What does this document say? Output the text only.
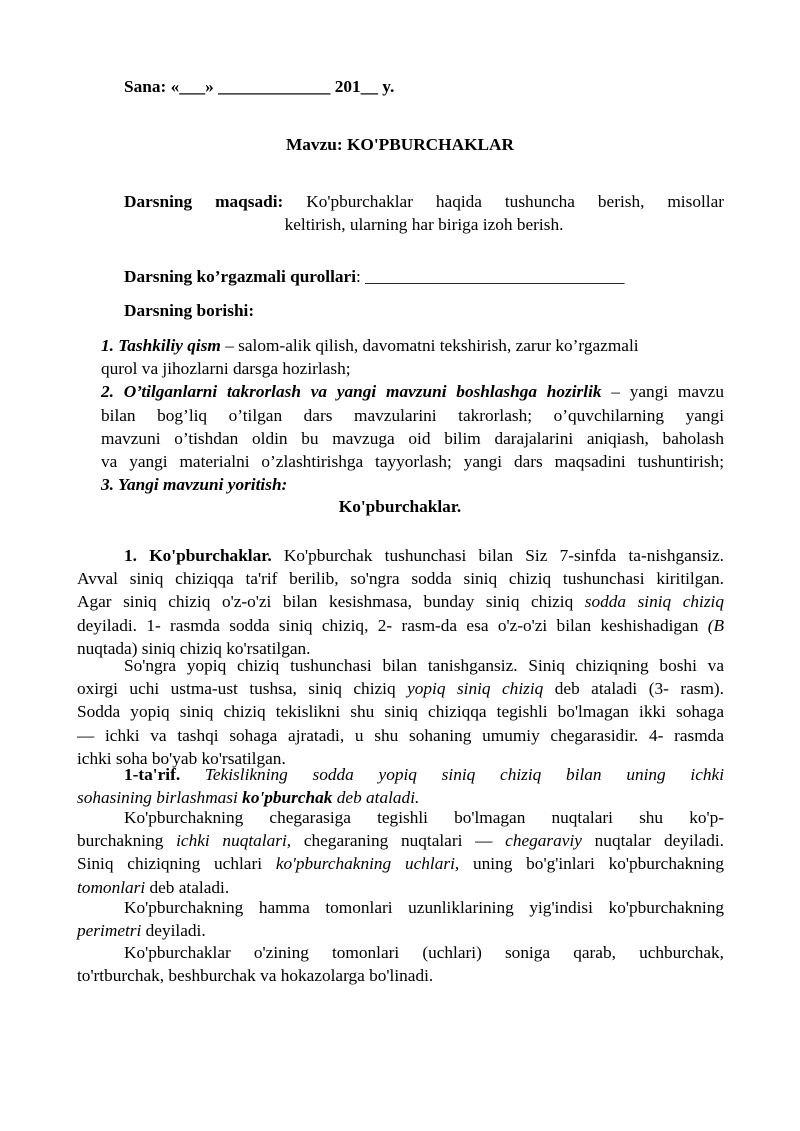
Sana: «___» _____________ 201__ y.
Mavzu: KO'PBURCHAKLAR
Darsning maqsadi: Ko'pburchaklar haqida tushuncha berish, misollar
keltirish, ularning har biriga izoh berish.
Darsning ko’rgazmali qurollari: ______________________________
Darsning borishi:
1. Tashkiliy qism – salom-alik qilish, davomatni tekshirish, zarur ko’rgazmali
qurol va jihozlarni darsga hozirlash;
2. O’tilganlarni takrorlash va yangi mavzuni boshlashga hozirlik – yangi mavzu
bilan bog’liq o’tilgan dars mavzularini takrorlash; o’quvchilarning yangi
mavzuni o’tishdan oldin bu mavzuga oid bilim darajalarini aniqiash, baholash
va yangi materialni o’zlashtirishga tayyorlash; yangi dars maqsadini tushuntirish;
3. Yangi mavzuni yoritish:
Ko'pburchaklar.
1. Ko'pburchaklar. Ko'pburchak tushunchasi bilan Siz 7-sinfda ta-nishgansiz.
Avval siniq chiziqqa ta'rif berilib, so'ngra sodda siniq chiziq tushunchasi kiritilgan.
Agar siniq chiziq o'z-o'zi bilan kesishmasa, bunday siniq chiziq sodda siniq chiziq
deyiladi. 1- rasmda sodda siniq chiziq, 2- rasm-da esa o'z-o'zi bilan keshishadigan (B
nuqtada) siniq chiziq ko'rsatilgan.
So'ngra yopiq chiziq tushunchasi bilan tanishgansiz. Siniq chiziqning boshi va
oxirgi uchi ustma-ust tushsa, siniq chiziq yopiq siniq chiziq deb ataladi (3- rasm).
Sodda yopiq siniq chiziq tekislikni shu siniq chiziqqa tegishli bo'lmagan ikki sohaga
— ichki va tashqi sohaga ajratadi, u shu sohaning umumiy chegarasidir. 4- rasmda
ichki soha bo'yab ko'rsatilgan.
1-ta'rif. Tekislikning sodda yopiq siniq chiziq bilan uning ichki
sohasining birlashmasi ko'pburchak deb ataladi.
Ko'pburchakning chegarasiga tegishli bo'lmagan nuqtalari shu ko'p-
burchakning ichki nuqtalari, chegaraning nuqtalari — chegaraviy nuqtalar deyiladi.
Siniq chiziqning uchlari ko'pburchakning uchlari, uning bo'g'inlari ko'pburchakning
tomonlari deb ataladi.
Ko'pburchakning hamma tomonlari uzunliklarining yig'indisi ko'pburchakning
perimetri deyiladi.
Ko'pburchaklar o'zining tomonlari (uchlari) soniga qarab, uchburchak,
to'rtburchak, beshburchak va hokazolarga bo'linadi.
